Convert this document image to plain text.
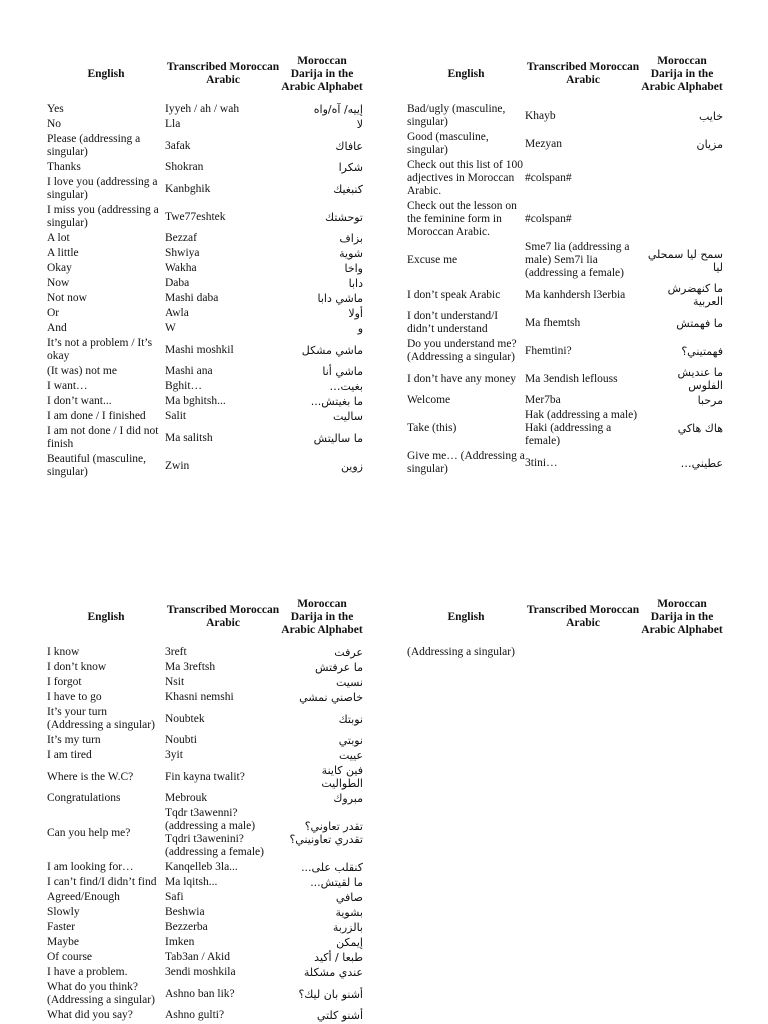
English	Transcribed Moroccan Arabic	Moroccan Darija in the Arabic Alphabet
Yes	Iyyeh / ah / wah	إييه/ آه/واه
No	Lla	لا
Please (addressing a singular)	3afak	عافاك
Thanks	Shokran	شكرا
I love you (addressing a singular)	Kanbghik	كنبغيك
I miss you (addressing a singular)	Twe77eshtek	توحشتك
A lot	Bezzaf	بزاف
A little	Shwiya	شوية
Okay	Wakha	واخا
Now	Daba	دابا
Not now	Mashi daba	ماشي دابا
Or	Awla	أولا
And	W	و
It’s not a problem / It’s okay	Mashi moshkil	ماشي مشكل
(It was) not me	Mashi ana	ماشي أنا
I want…	Bghit…	بغيت…
I don’t want...	Ma bghitsh...	ما بغيتش...
I am done / I finished	Salit	ساليت
I am not done / I did not finish	Ma salitsh	ما ساليتش
Beautiful (masculine, singular)	Zwin	زوين
English	Transcribed Moroccan Arabic	Moroccan Darija in the Arabic Alphabet
Bad/ugly (masculine, singular)	Khayb	خايب
Good (masculine, singular)	Mezyan	مزيان
Check out this list of 100 adjectives in Moroccan Arabic.	#colspan#	
Check out the lesson on the feminine form in Moroccan Arabic.	#colspan#	
Excuse me	Sme7 lia (addressing a male) Sem7i lia (addressing a female)	سمح ليا سمحلي ليا
I don’t speak Arabic	Ma kanhdersh l3erbia	ما كنهضرش العربية
I don’t understand/I didn’t understand	Ma fhemtsh	ما فهمتش
Do you understand me? (Addressing a singular)	Fhemtini?	فهمتيني؟
I don’t have any money	Ma 3endish leflouss	ما عنديش الفلوس
Welcome	Mer7ba	مرحبا
Take (this)	Hak (addressing a male) Haki (addressing a female)	هاك هاكي
Give me… (Addressing a singular)	3tini…	عطيني…
English	Transcribed Moroccan Arabic	Moroccan Darija in the Arabic Alphabet
I know	3reft	عرفت
I don’t know	Ma 3reftsh	ما عرفتش
I forgot	Nsit	نسيت
I have to go	Khasni nemshi	خاصني نمشي
It’s your turn (Addressing a singular)	Noubtek	نوبتك
It’s my turn	Noubti	نوبتي
I am tired	3yit	عييت
Where is the W.C?	Fin kayna twalit?	فين كاينة الطواليت
Congratulations	Mebrouk	مبروك
Can you help me?	Tqdr t3awenni? (addressing a male) Tqdri t3awenini? (addressing a female)	تقدر تعاوني؟ تقدري تعاونيني؟
I am looking for…	Kanqelleb 3la...	كنقلب على...
I can’t find/I didn’t find	Ma lqitsh...	ما لقيتش...
Agreed/Enough	Safi	صافي
Slowly	Beshwia	بشوية
Faster	Bezzerba	بالزربة
Maybe	Imken	إيمكن
Of course	Tab3an / Akid	طبعا / أكيد
I have a problem.	3endi moshkila	عندي مشكلة
What do you think? (Addressing a singular)	Ashno ban lik?	أشنو بان ليك؟
What did you say?	Ashno gulti?	أشنو كلتي
English	Transcribed Moroccan Arabic	Moroccan Darija in the Arabic Alphabet
(Addressing a singular)		
